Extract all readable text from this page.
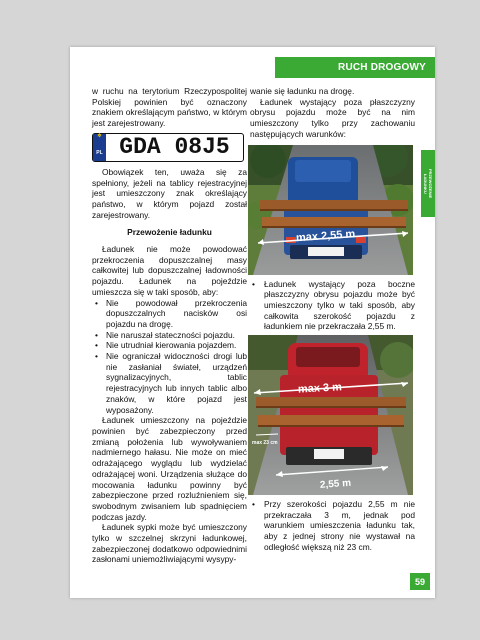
RUCH DROGOWY
PRZEWOŻENIE
ŁADUNKU

w ruchu na terytorium Rzeczypospolitej Polskiej powinien być oznaczony znakiem określającym państwo, w którym jest zarejestrowany.

✲
PL GDA 08J5

Obowiązek ten, uważa się za spełniony, jeżeli na tablicy rejestracyjnej jest umieszczony znak określający państwo, w którym pojazd został zarejestrowany.

Przewożenie ładunku

Ładunek nie może powodować przekroczenia dopuszczalnej masy całkowitej lub dopuszczalnej ładowności pojazdu. Ładunek na pojeździe umieszcza się w taki sposób, aby:

• Nie powodował przekroczenia dopuszczalnych nacisków osi pojazdu na drogę.
• Nie naruszał stateczności pojazdu.
• Nie utrudniał kierowania pojazdem.
• Nie ograniczał widoczności drogi lub nie zasłaniał świateł, urządzeń sygnalizacyjnych, tablic rejestracyjnych lub innych tablic albo znaków, w które pojazd jest wyposażony.

Ładunek umieszczony na pojeździe powinien być zabezpieczony przed zmianą położenia lub wywoływaniem nadmiernego hałasu. Nie może on mieć odrażającego wyglądu lub wydzielać odrażającej woni. Urządzenia służące do mocowania ładunku powinny być zabezpieczone przed rozluźnieniem się, swobodnym zwisaniem lub spadnięciem podczas jazdy.

Ładunek sypki może być umieszczony tylko w szczelnej skrzyni ładunkowej, zabezpieczonej dodatkowo odpowiednimi zasłonami uniemożliwiającymi wysypy-

wanie się ładunku na drogę.

Ładunek wystający poza płaszczyzny obrysu pojazdu może być na nim umieszczony tylko przy zachowaniu następujących warunków:

max 2,55 m
• Ładunek wystający poza boczne płaszczyzny obrysu pojazdu może być umieszczony tylko w taki sposób, aby całkowita szerokość pojazdu z ładunkiem nie przekraczała 2,55 m.
max 3 m
max 23 cm
2,55 m
• Przy szerokości pojazdu 2,55 m nie przekraczała 3 m, jednak pod warunkiem umieszczenia ładunku tak, aby z jednej strony nie wystawał na odległość większą niż 23 cm.
59
